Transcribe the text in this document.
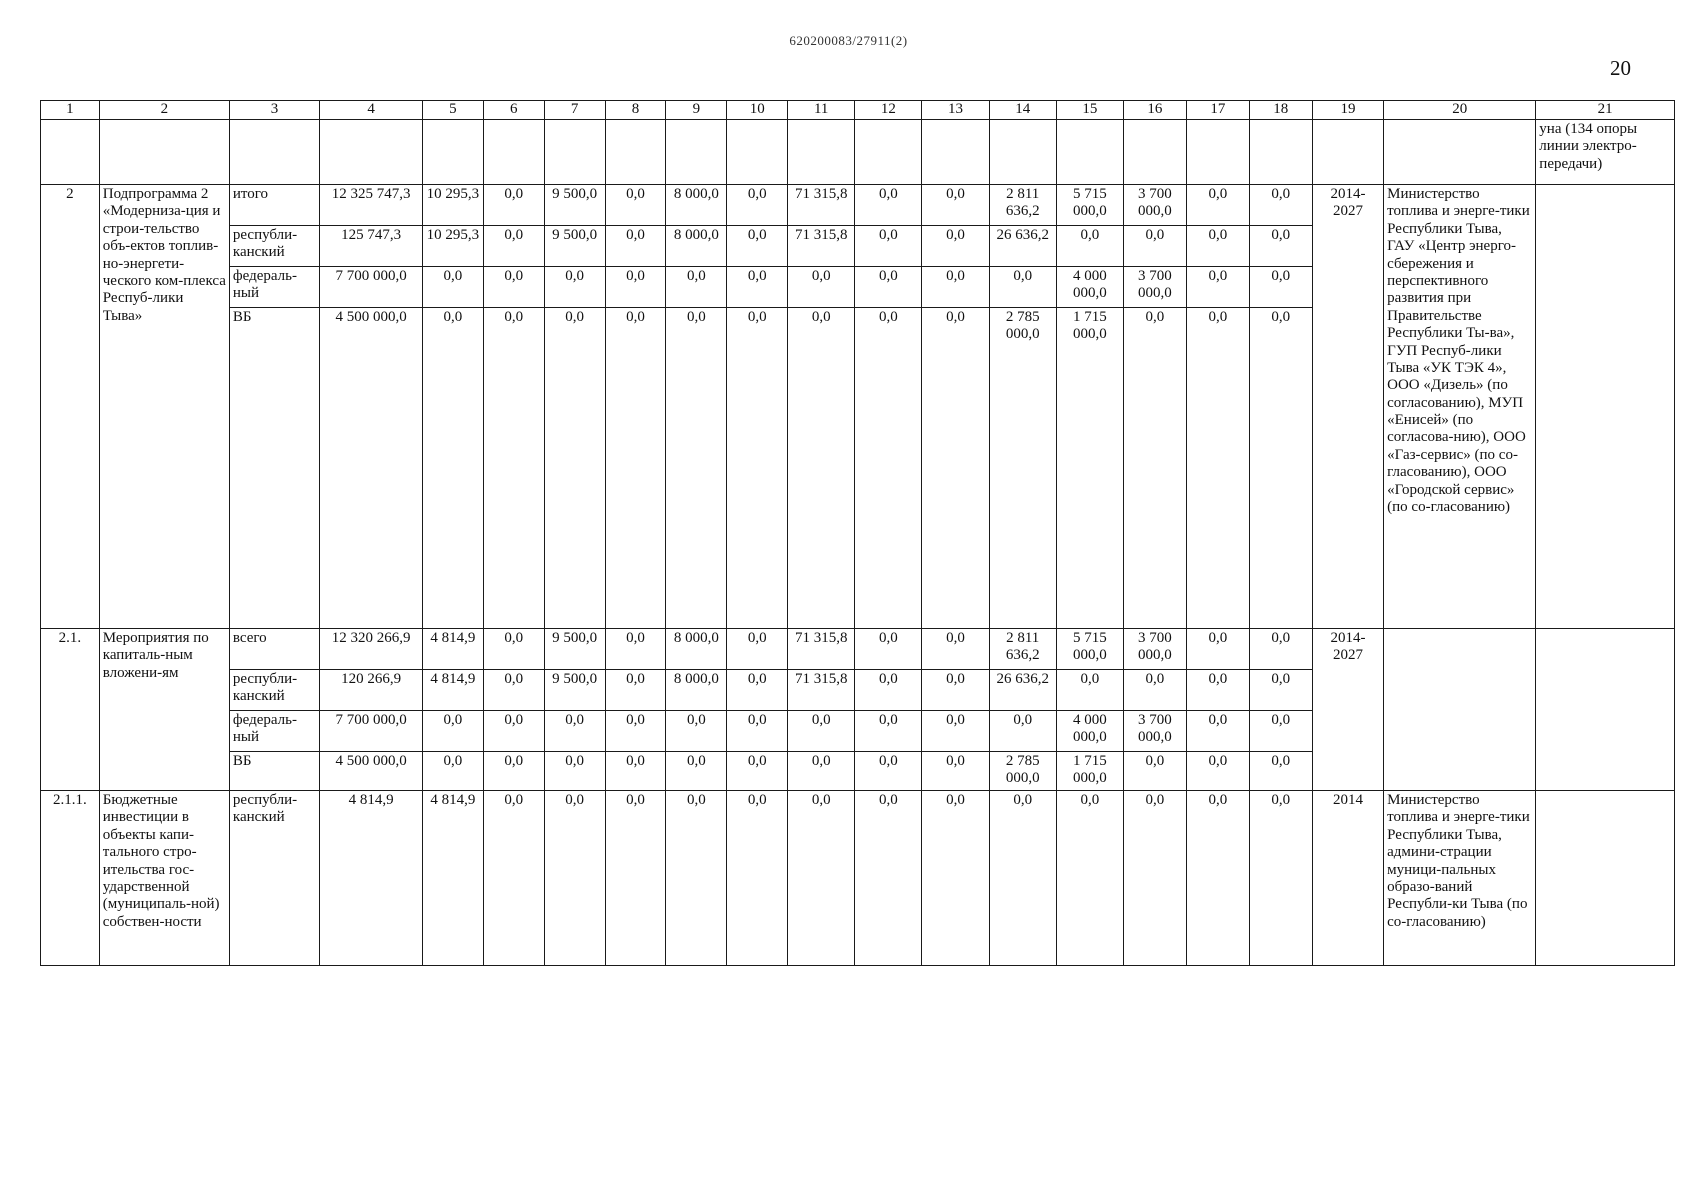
620200083/27911(2)
20
1	2	3	4	5	6	7	8	9	10	11	12	13	14	15	16	17	18	19	20	21
																				уна (134 опоры линии электро-передачи)
2	Подпрограмма 2 «Модерниза-ция и строи-тельство объ-ектов топлив-но-энергети-ческого ком-плекса Респуб-лики Тыва»	итого	12 325 747,3	10 295,3	0,0	9 500,0	0,0	8 000,0	0,0	71 315,8	0,0	0,0	2 811 636,2	5 715 000,0	3 700 000,0	0,0	0,0	2014-2027	Министерство топлива и энерге-тики Республики Тыва, ГАУ «Центр энерго-сбережения и перспективного развития при Правительстве Республики Ты-ва», ГУП Респуб-лики Тыва «УК ТЭК 4», ООО «Дизель» (по согласованию), МУП «Енисей» (по согласова-нию), ООО «Газ-сервис» (по со-гласованию), ООО «Городской сервис» (по со-гласованию)	
		республи-канский	125 747,3	10 295,3	0,0	9 500,0	0,0	8 000,0	0,0	71 315,8	0,0	0,0	26 636,2	0,0	0,0	0,0	0,0			
		федераль-ный	7 700 000,0	0,0	0,0	0,0	0,0	0,0	0,0	0,0	0,0	0,0	0,0	4 000 000,0	3 700 000,0	0,0	0,0			
		ВБ	4 500 000,0	0,0	0,0	0,0	0,0	0,0	0,0	0,0	0,0	0,0	2 785 000,0	1 715 000,0	0,0	0,0	0,0			
2.1.	Мероприятия по капиталь-ным вложени-ям	всего	12 320 266,9	4 814,9	0,0	9 500,0	0,0	8 000,0	0,0	71 315,8	0,0	0,0	2 811 636,2	5 715 000,0	3 700 000,0	0,0	0,0	2014-2027		
		республи-канский	120 266,9	4 814,9	0,0	9 500,0	0,0	8 000,0	0,0	71 315,8	0,0	0,0	26 636,2	0,0	0,0	0,0	0,0			
		федераль-ный	7 700 000,0	0,0	0,0	0,0	0,0	0,0	0,0	0,0	0,0	0,0	0,0	4 000 000,0	3 700 000,0	0,0	0,0			
		ВБ	4 500 000,0	0,0	0,0	0,0	0,0	0,0	0,0	0,0	0,0	0,0	2 785 000,0	1 715 000,0	0,0	0,0	0,0			
2.1.1.	Бюджетные инвестиции в объекты капи-тального стро-ительства гос-ударственной (муниципаль-ной) собствен-ности	республи-канский	4 814,9	4 814,9	0,0	0,0	0,0	0,0	0,0	0,0	0,0	0,0	0,0	0,0	0,0	0,0	0,0	2014	Министерство топлива и энерге-тики Республики Тыва, админи-страции муници-пальных образо-ваний Республи-ки Тыва (по со-гласованию)	
